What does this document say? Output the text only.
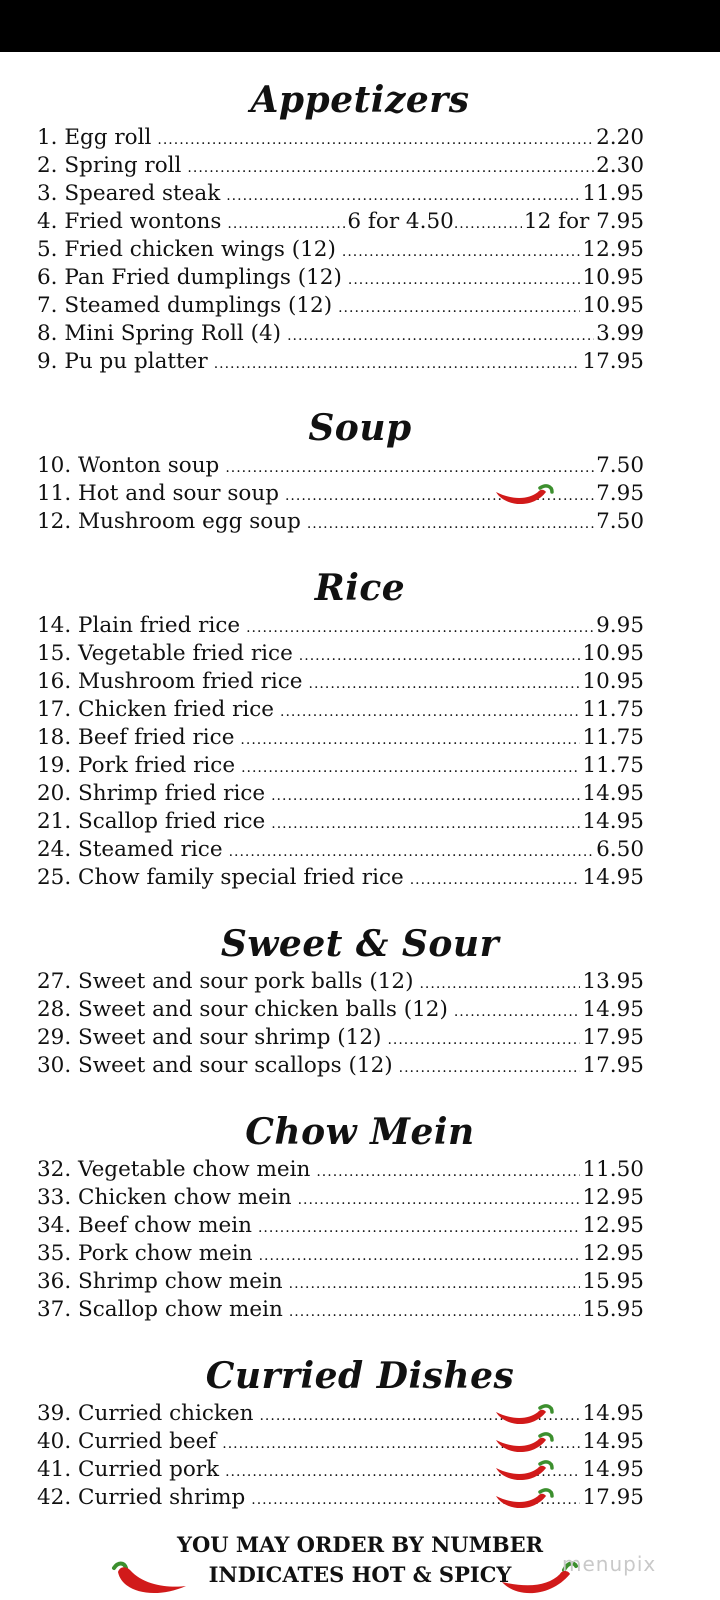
Appetizers
1. Egg roll .....	2.20
2. Spring roll .....	2.30
3. Speared steak .....	11.95
4. Fried wontons .....	6 for 4.50 .....	12 for 7.95
5. Fried chicken wings (12) .....	12.95
6. Pan Fried dumplings (12) .....	10.95
7. Steamed dumplings (12) .....	10.95
8. Mini Spring Roll (4) .....	3.99
9. Pu pu platter .....	17.95
Soup
10. Wonton soup .....	7.50
11. Hot and sour soup .....	7.95
12. Mushroom egg soup .....	7.50
Rice
14. Plain fried rice .....	9.95
15. Vegetable fried rice .....	10.95
16. Mushroom fried rice .....	10.95
17. Chicken fried rice .....	11.75
18. Beef fried rice .....	11.75
19. Pork fried rice .....	11.75
20. Shrimp fried rice .....	14.95
21. Scallop fried rice .....	14.95
24. Steamed rice .....	6.50
25. Chow family special fried rice .....	14.95
Sweet & Sour
27. Sweet and sour pork balls (12) .....	13.95
28. Sweet and sour chicken balls (12) .....	14.95
29. Sweet and sour shrimp (12) .....	17.95
30. Sweet and sour scallops (12) .....	17.95
Chow Mein
32. Vegetable chow mein .....	11.50
33. Chicken chow mein .....	12.95
34. Beef chow mein .....	12.95
35. Pork chow mein .....	12.95
36. Shrimp chow mein .....	15.95
37. Scallop chow mein .....	15.95
Curried Dishes
39. Curried chicken .....	14.95
40. Curried beef .....	14.95
41. Curried pork .....	14.95
42. Curried shrimp .....	17.95
YOU MAY ORDER BY NUMBER
INDICATES HOT & SPICY	menupix
